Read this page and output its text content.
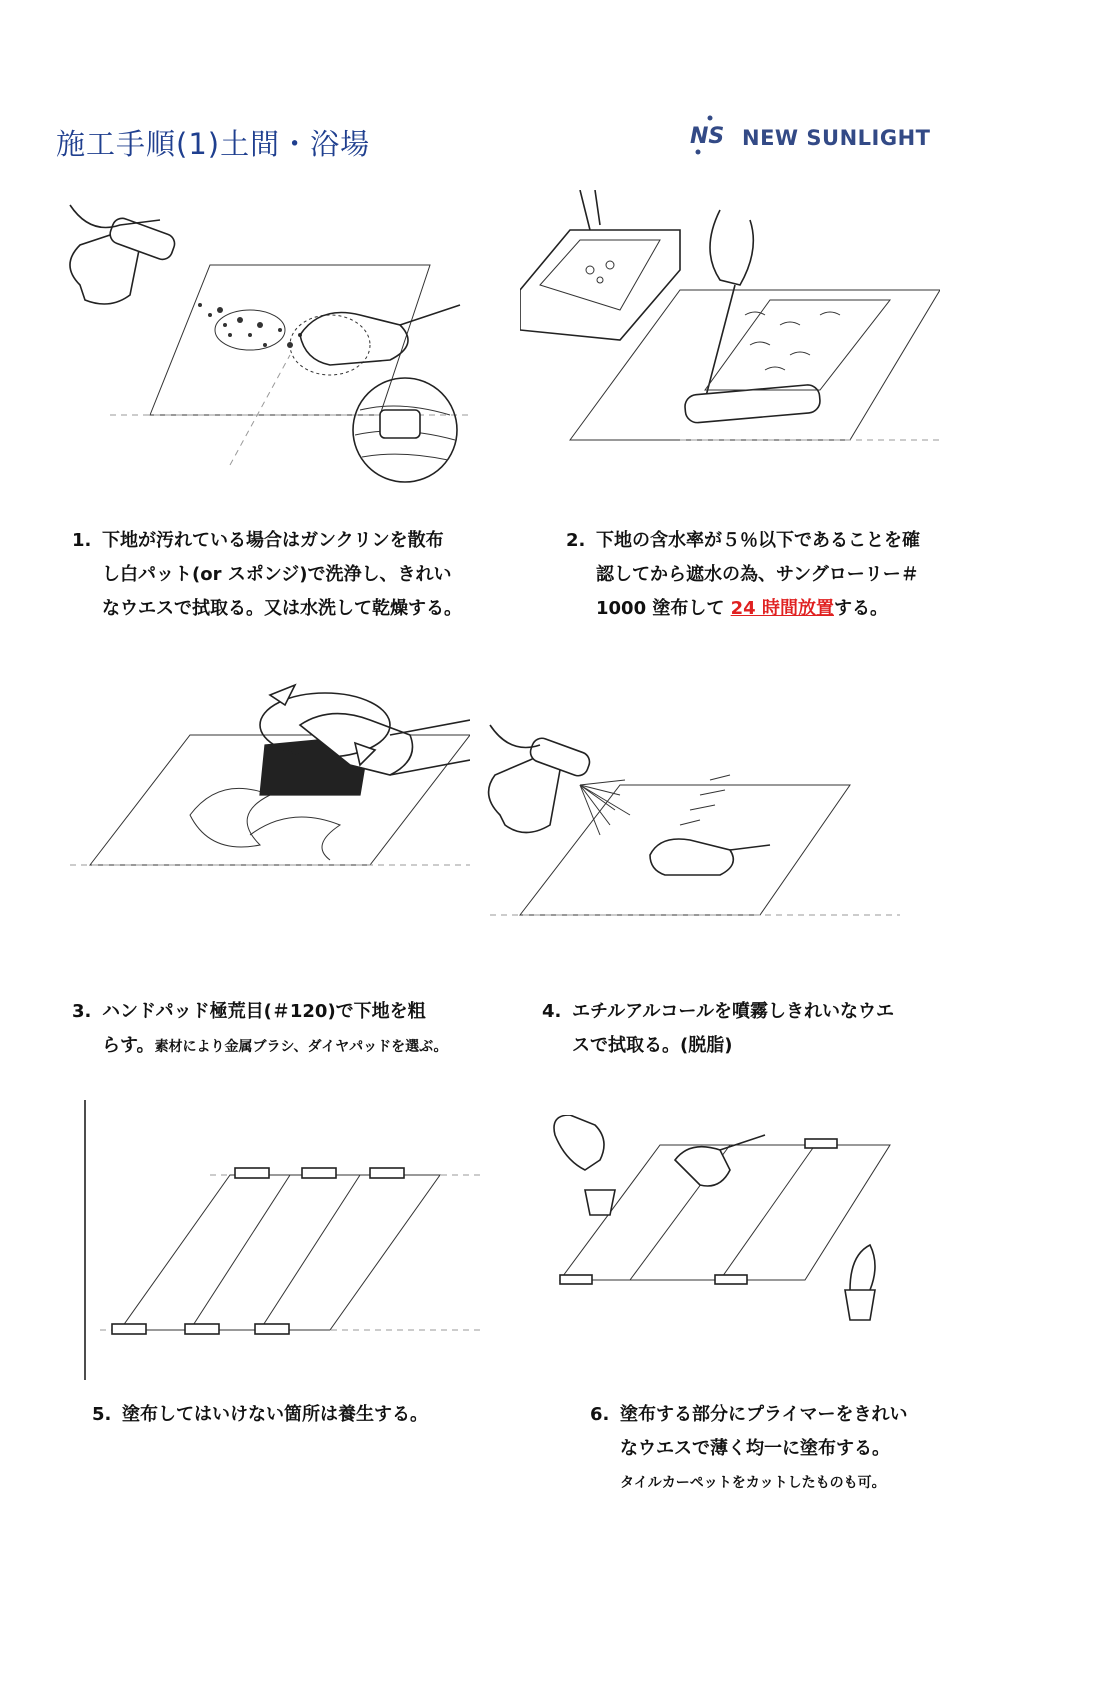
施工手順(1)土間・浴場	NS NEW SUNLIGHT
1. 下地が汚れている場合はガンクリンを散布
し白パット(or スポンジ)で洗浄し、きれい
なウエスで拭取る。又は水洗して乾燥する。
2. 下地の含水率が５％以下であることを確
認してから遮水の為、サングローリー＃
1000 塗布して 24 時間放置する。
3. ハンドパッド極荒目(＃120)で下地を粗
らす。素材により金属ブラシ、ダイヤパッドを選ぶ。
4. エチルアルコールを噴霧しきれいなウエ
スで拭取る。(脱脂)
5. 塗布してはいけない箇所は養生する。	6. 塗布する部分にプライマーをきれい
なウエスで薄く均一に塗布する。
タイルカーペットをカットしたものも可。
